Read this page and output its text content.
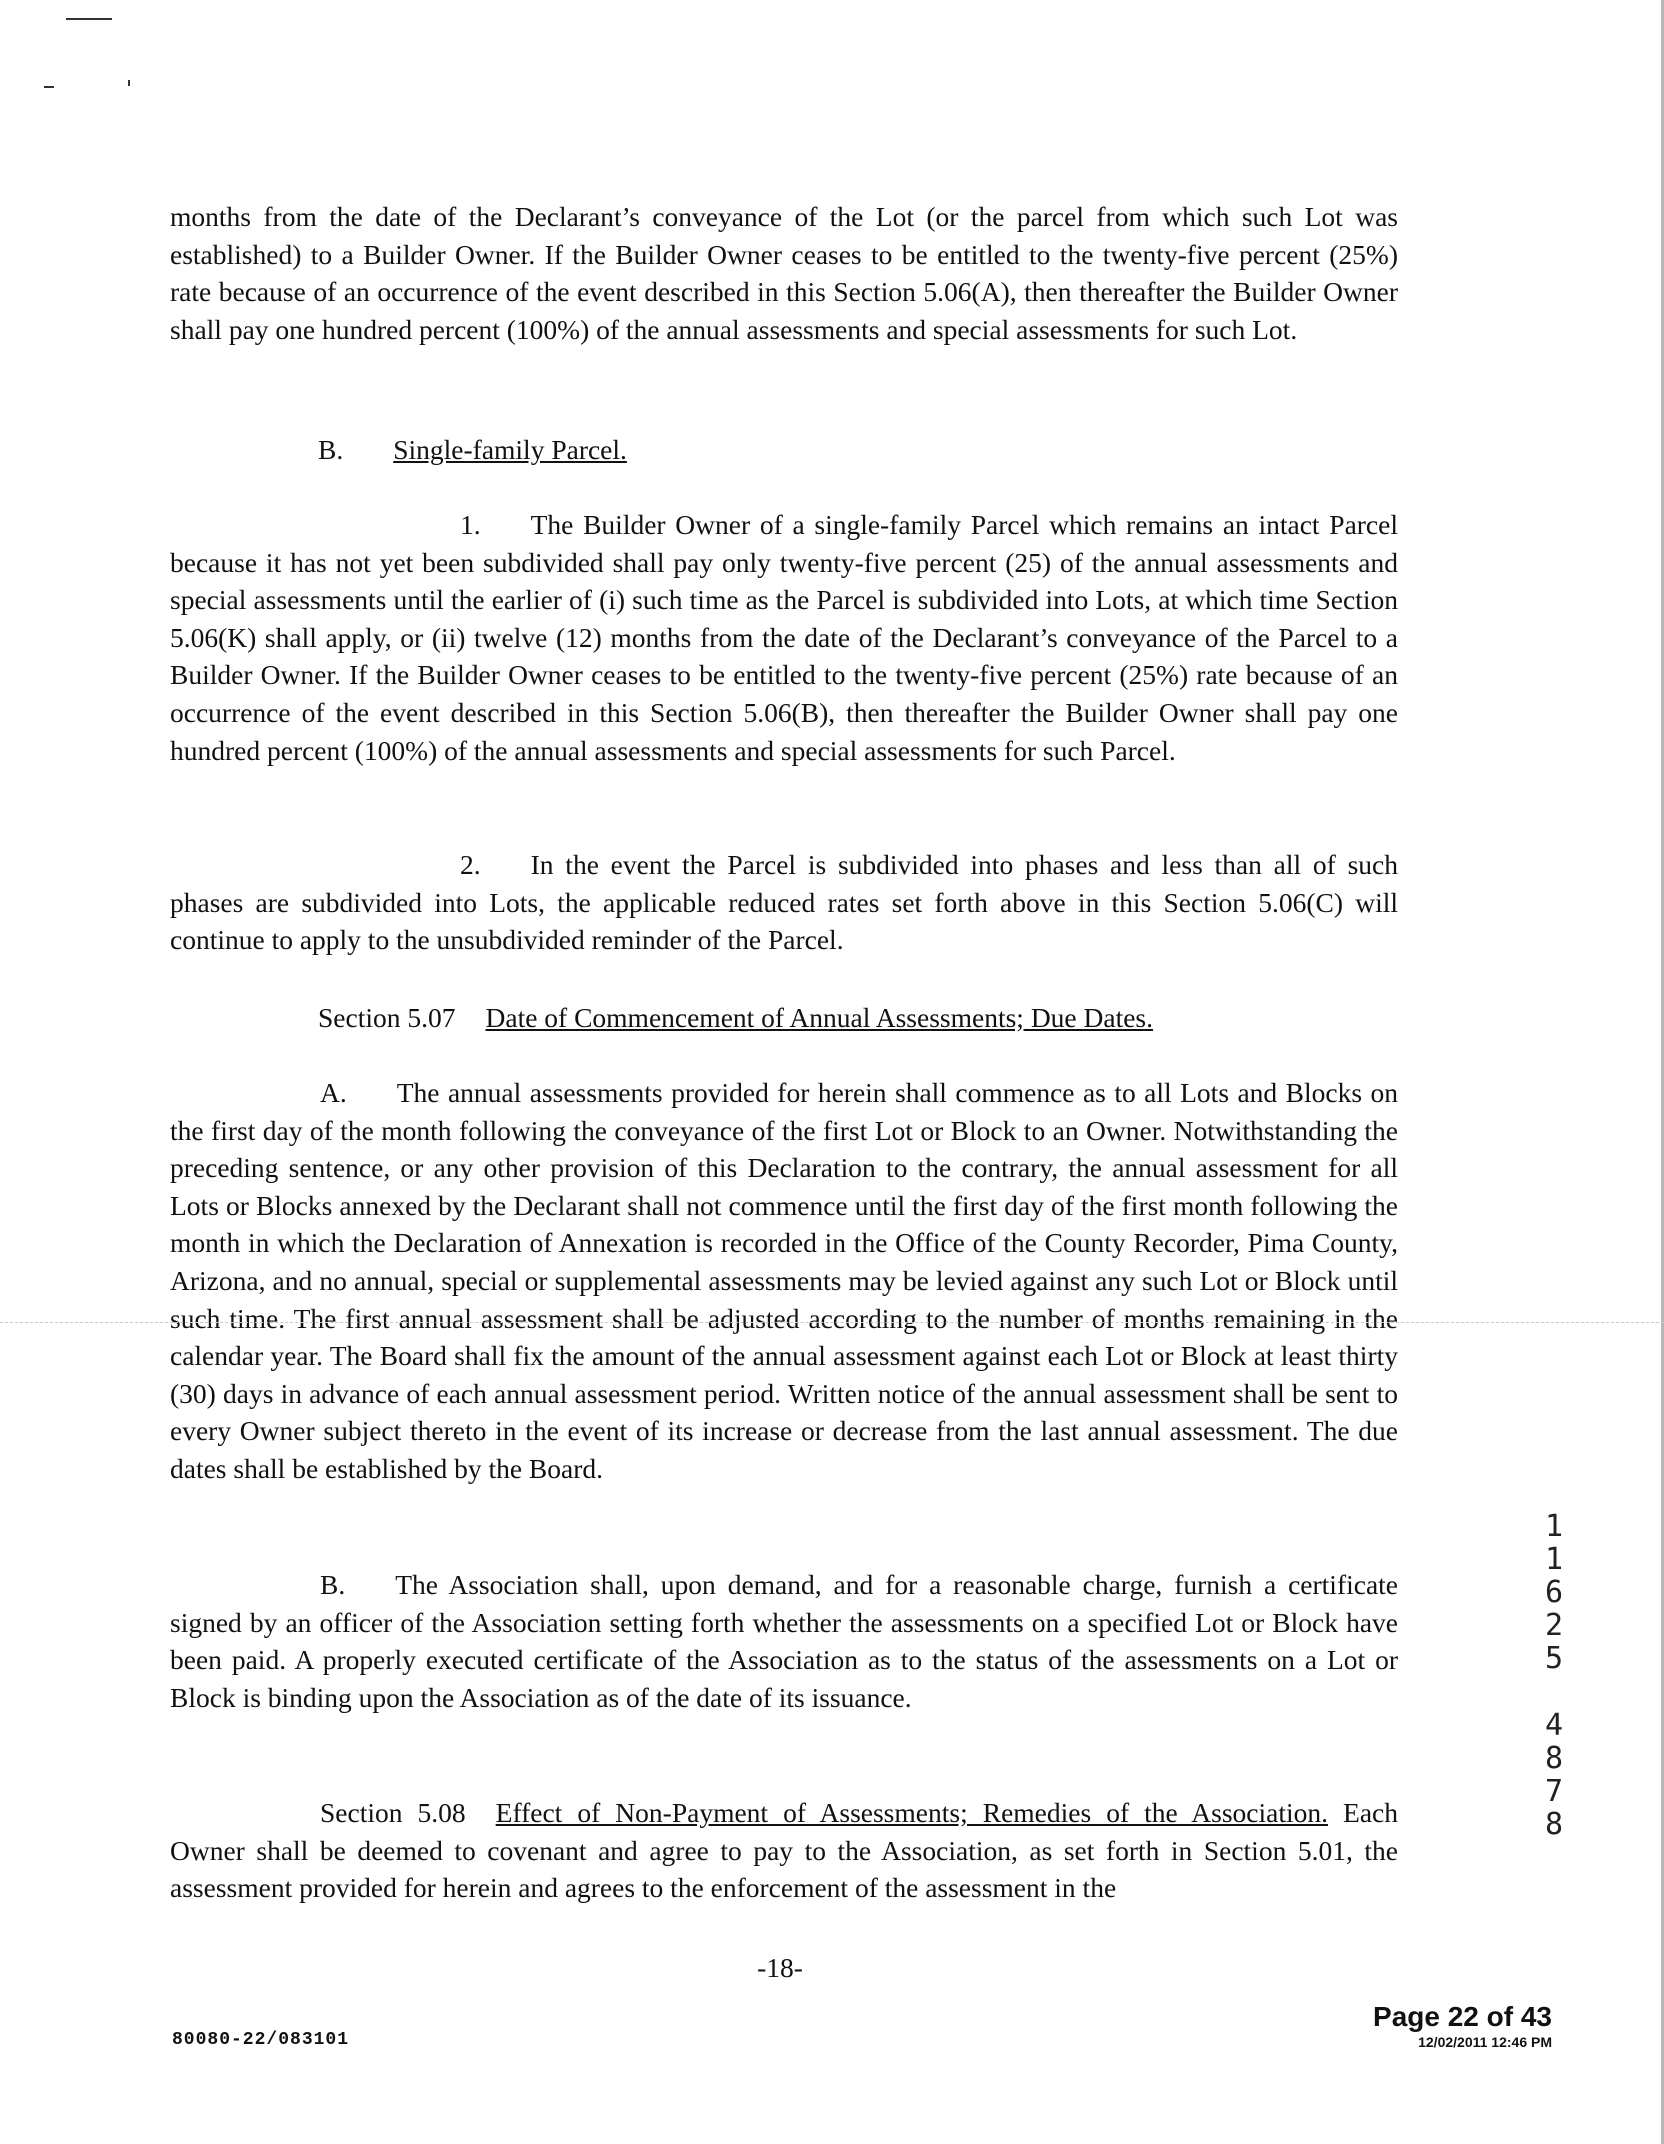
months from the date of the Declarant’s conveyance of the Lot (or the parcel from which such Lot was established) to a Builder Owner. If the Builder Owner ceases to be entitled to the twenty-five percent (25%) rate because of an occurrence of the event described in this Section 5.06(A), then thereafter the Builder Owner shall pay one hundred percent (100%) of the annual assessments and special assessments for such Lot.

B. Single-family Parcel.

1. The Builder Owner of a single-family Parcel which remains an intact Parcel because it has not yet been subdivided shall pay only twenty-five percent (25) of the annual assessments and special assessments until the earlier of (i) such time as the Parcel is subdivided into Lots, at which time Section 5.06(K) shall apply, or (ii) twelve (12) months from the date of the Declarant’s conveyance of the Parcel to a Builder Owner. If the Builder Owner ceases to be entitled to the twenty-five percent (25%) rate because of an occurrence of the event described in this Section 5.06(B), then thereafter the Builder Owner shall pay one hundred percent (100%) of the annual assessments and special assessments for such Parcel.

2. In the event the Parcel is subdivided into phases and less than all of such phases are subdivided into Lots, the applicable reduced rates set forth above in this Section 5.06(C) will continue to apply to the unsubdivided reminder of the Parcel.

Section 5.07 Date of Commencement of Annual Assessments; Due Dates.

A. The annual assessments provided for herein shall commence as to all Lots and Blocks on the first day of the month following the conveyance of the first Lot or Block to an Owner. Notwithstanding the preceding sentence, or any other provision of this Declaration to the contrary, the annual assessment for all Lots or Blocks annexed by the Declarant shall not commence until the first day of the first month following the month in which the Declaration of Annexation is recorded in the Office of the County Recorder, Pima County, Arizona, and no annual, special or supplemental assessments may be levied against any such Lot or Block until such time. The first annual assessment shall be adjusted according to the number of months remaining in the calendar year. The Board shall fix the amount of the annual assessment against each Lot or Block at least thirty (30) days in advance of each annual assessment period. Written notice of the annual assessment shall be sent to every Owner subject thereto in the event of its increase or decrease from the last annual assessment. The due dates shall be established by the Board.

B. The Association shall, upon demand, and for a reasonable charge, furnish a certificate signed by an officer of the Association setting forth whether the assessments on a specified Lot or Block have been paid. A properly executed certificate of the Association as to the status of the assessments on a Lot or Block is binding upon the Association as of the date of its issuance.

Section 5.08 Effect of Non-Payment of Assessments; Remedies of the Association. Each Owner shall be deemed to covenant and agree to pay to the Association, as set forth in Section 5.01, the assessment provided for herein and agrees to the enforcement of the assessment in the

-18-
80080-22/083101
Page 22 of 43
12/02/2011 12:46 PM
1
1
6
2
5
4
8
7
8
